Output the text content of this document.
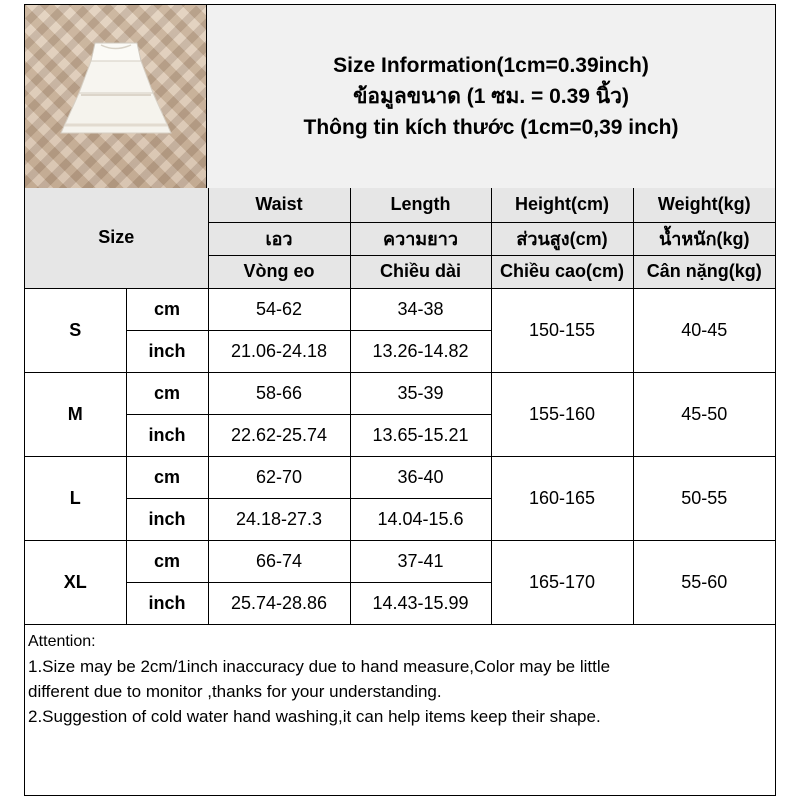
Size Information(1cm=0.39inch)
ข้อมูลขนาด (1 ซม. = 0.39 นิ้ว)
Thông tin kích thước (1cm=0,39 inch)
Size		Waist	Length	Height(cm)	Weight(kg)
		เอว	ความยาว	ส่วนสูง(cm)	น้ำหนัก(kg)
		Vòng eo	Chiều dài	Chiều cao(cm)	Cân nặng(kg)
S	cm	54-62	34-38	150-155	40-45
	inch	21.06-24.18	13.26-14.82		
M	cm	58-66	35-39	155-160	45-50
	inch	22.62-25.74	13.65-15.21		
L	cm	62-70	36-40	160-165	50-55
	inch	24.18-27.3	14.04-15.6		
XL	cm	66-74	37-41	165-170	55-60
	inch	25.74-28.86	14.43-15.99		
Attention:
1.Size may be 2cm/1inch inaccuracy due to hand measure,Color may be little
different due to monitor ,thanks for your understanding.
2.Suggestion of cold water hand washing,it can help items keep their shape.
